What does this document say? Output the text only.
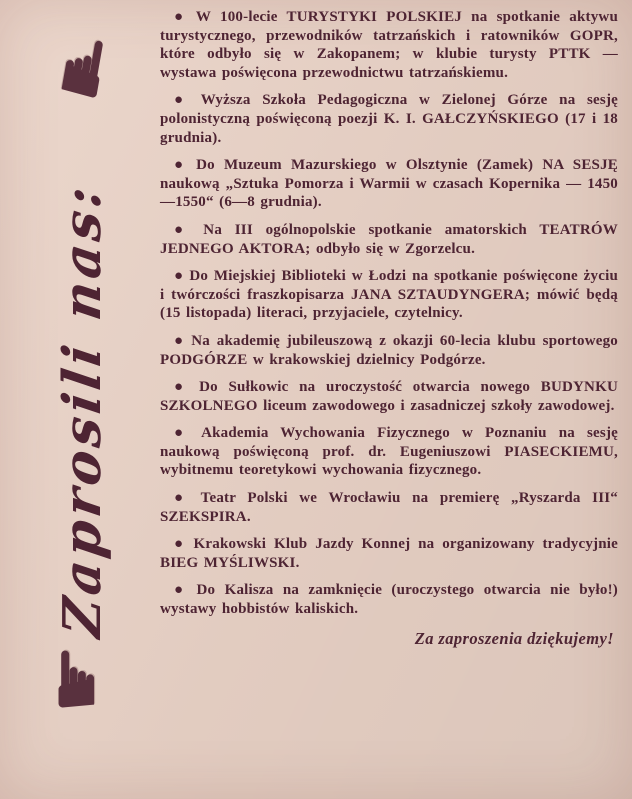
☛
Zaprosili nas:
☛

● W 100-lecie TURYSTYKI POLSKIEJ na spotkanie aktywu turystycznego, przewodników tatrzańskich i ratowników GOPR, które odbyło się w Zakopanem; w klubie turysty PTTK — wystawa poświęcona przewodnictwu tatrzańskiemu.

● Wyższa Szkoła Pedagogiczna w Zielonej Górze na sesję polonistyczną poświęconą poezji K. I. GAŁCZYŃSKIEGO (17 i 18 grudnia).

● Do Muzeum Mazurskiego w Olsztynie (Zamek) NA SESJĘ naukową „Sztuka Pomorza i Warmii w czasach Kopernika — 1450—1550“ (6—8 grudnia).

● Na III ogólnopolskie spotkanie amatorskich TEATRÓW JEDNEGO AKTORA; odbyło się w Zgorzelcu.

● Do Miejskiej Biblioteki w Łodzi na spotkanie poświęcone życiu i twórczości fraszkopisarza JANA SZTAUDYNGERA; mówić będą (15 listopada) literaci, przyjaciele, czytelnicy.

● Na akademię jubileuszową z okazji 60-lecia klubu sportowego PODGÓRZE w krakowskiej dzielnicy Podgórze.

● Do Sułkowic na uroczystość otwarcia nowego BUDYNKU SZKOLNEGO liceum zawodowego i zasadniczej szkoły zawodowej.

● Akademia Wychowania Fizycznego w Poznaniu na sesję naukową poświęconą prof. dr. Eugeniuszowi PIASECKIEMU, wybitnemu teoretykowi wychowania fizycznego.

● Teatr Polski we Wrocławiu na premierę „Ryszarda III“ SZEKSPIRA.

● Krakowski Klub Jazdy Konnej na organizowany tradycyjnie BIEG MYŚLIWSKI.

● Do Kalisza na zamknięcie (uroczystego otwarcia nie było!) wystawy hobbistów kaliskich.

Za zaproszenia dziękujemy!
